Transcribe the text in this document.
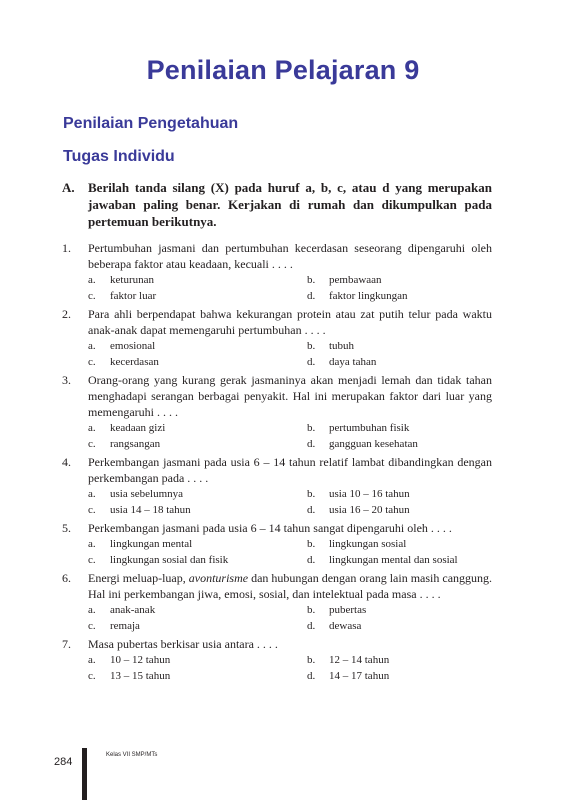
Penilaian Pelajaran 9
Penilaian Pengetahuan
Tugas Individu
A. Berilah tanda silang (X) pada huruf a, b, c, atau d yang merupakan jawaban paling benar. Kerjakan di rumah dan dikumpulkan pada pertemuan berikutnya.
1. Pertumbuhan jasmani dan pertumbuhan kecerdasan seseorang dipengaruhi oleh beberapa faktor atau keadaan, kecuali . . . .
a.	keturunan	b.	pembawaan
c.	faktor luar	d.	faktor lingkungan
2. Para ahli berpendapat bahwa kekurangan protein atau zat putih telur pada waktu anak-anak dapat memengaruhi pertumbuhan . . . .
a.	emosional	b.	tubuh
c.	kecerdasan	d.	daya tahan
3. Orang-orang yang kurang gerak jasmaninya akan menjadi lemah dan tidak tahan menghadapi serangan berbagai penyakit. Hal ini merupakan faktor dari luar yang memengaruhi . . . .
a.	keadaan gizi	b.	pertumbuhan fisik
c.	rangsangan	d.	gangguan kesehatan
4. Perkembangan jasmani pada usia 6 – 14 tahun relatif lambat dibandingkan dengan perkembangan pada . . . .
a.	usia sebelumnya	b.	usia 10 – 16 tahun
c.	usia 14 – 18 tahun	d.	usia 16 – 20 tahun
5. Perkembangan jasmani pada usia 6 – 14 tahun sangat dipengaruhi oleh . . . .
a.	lingkungan mental	b.	lingkungan sosial
c.	lingkungan sosial dan fisik	d.	lingkungan mental dan sosial
6. Energi meluap-luap, avonturisme dan hubungan dengan orang lain masih canggung. Hal ini perkembangan jiwa, emosi, sosial, dan intelektual pada masa . . . .
a.	anak-anak	b.	pubertas
c.	remaja	d.	dewasa
7. Masa pubertas berkisar usia antara . . . .
a.	10 – 12 tahun	b.	12 – 14 tahun
c.	13 – 15 tahun	d.	14 – 17 tahun
284
Kelas VII SMP/MTs
